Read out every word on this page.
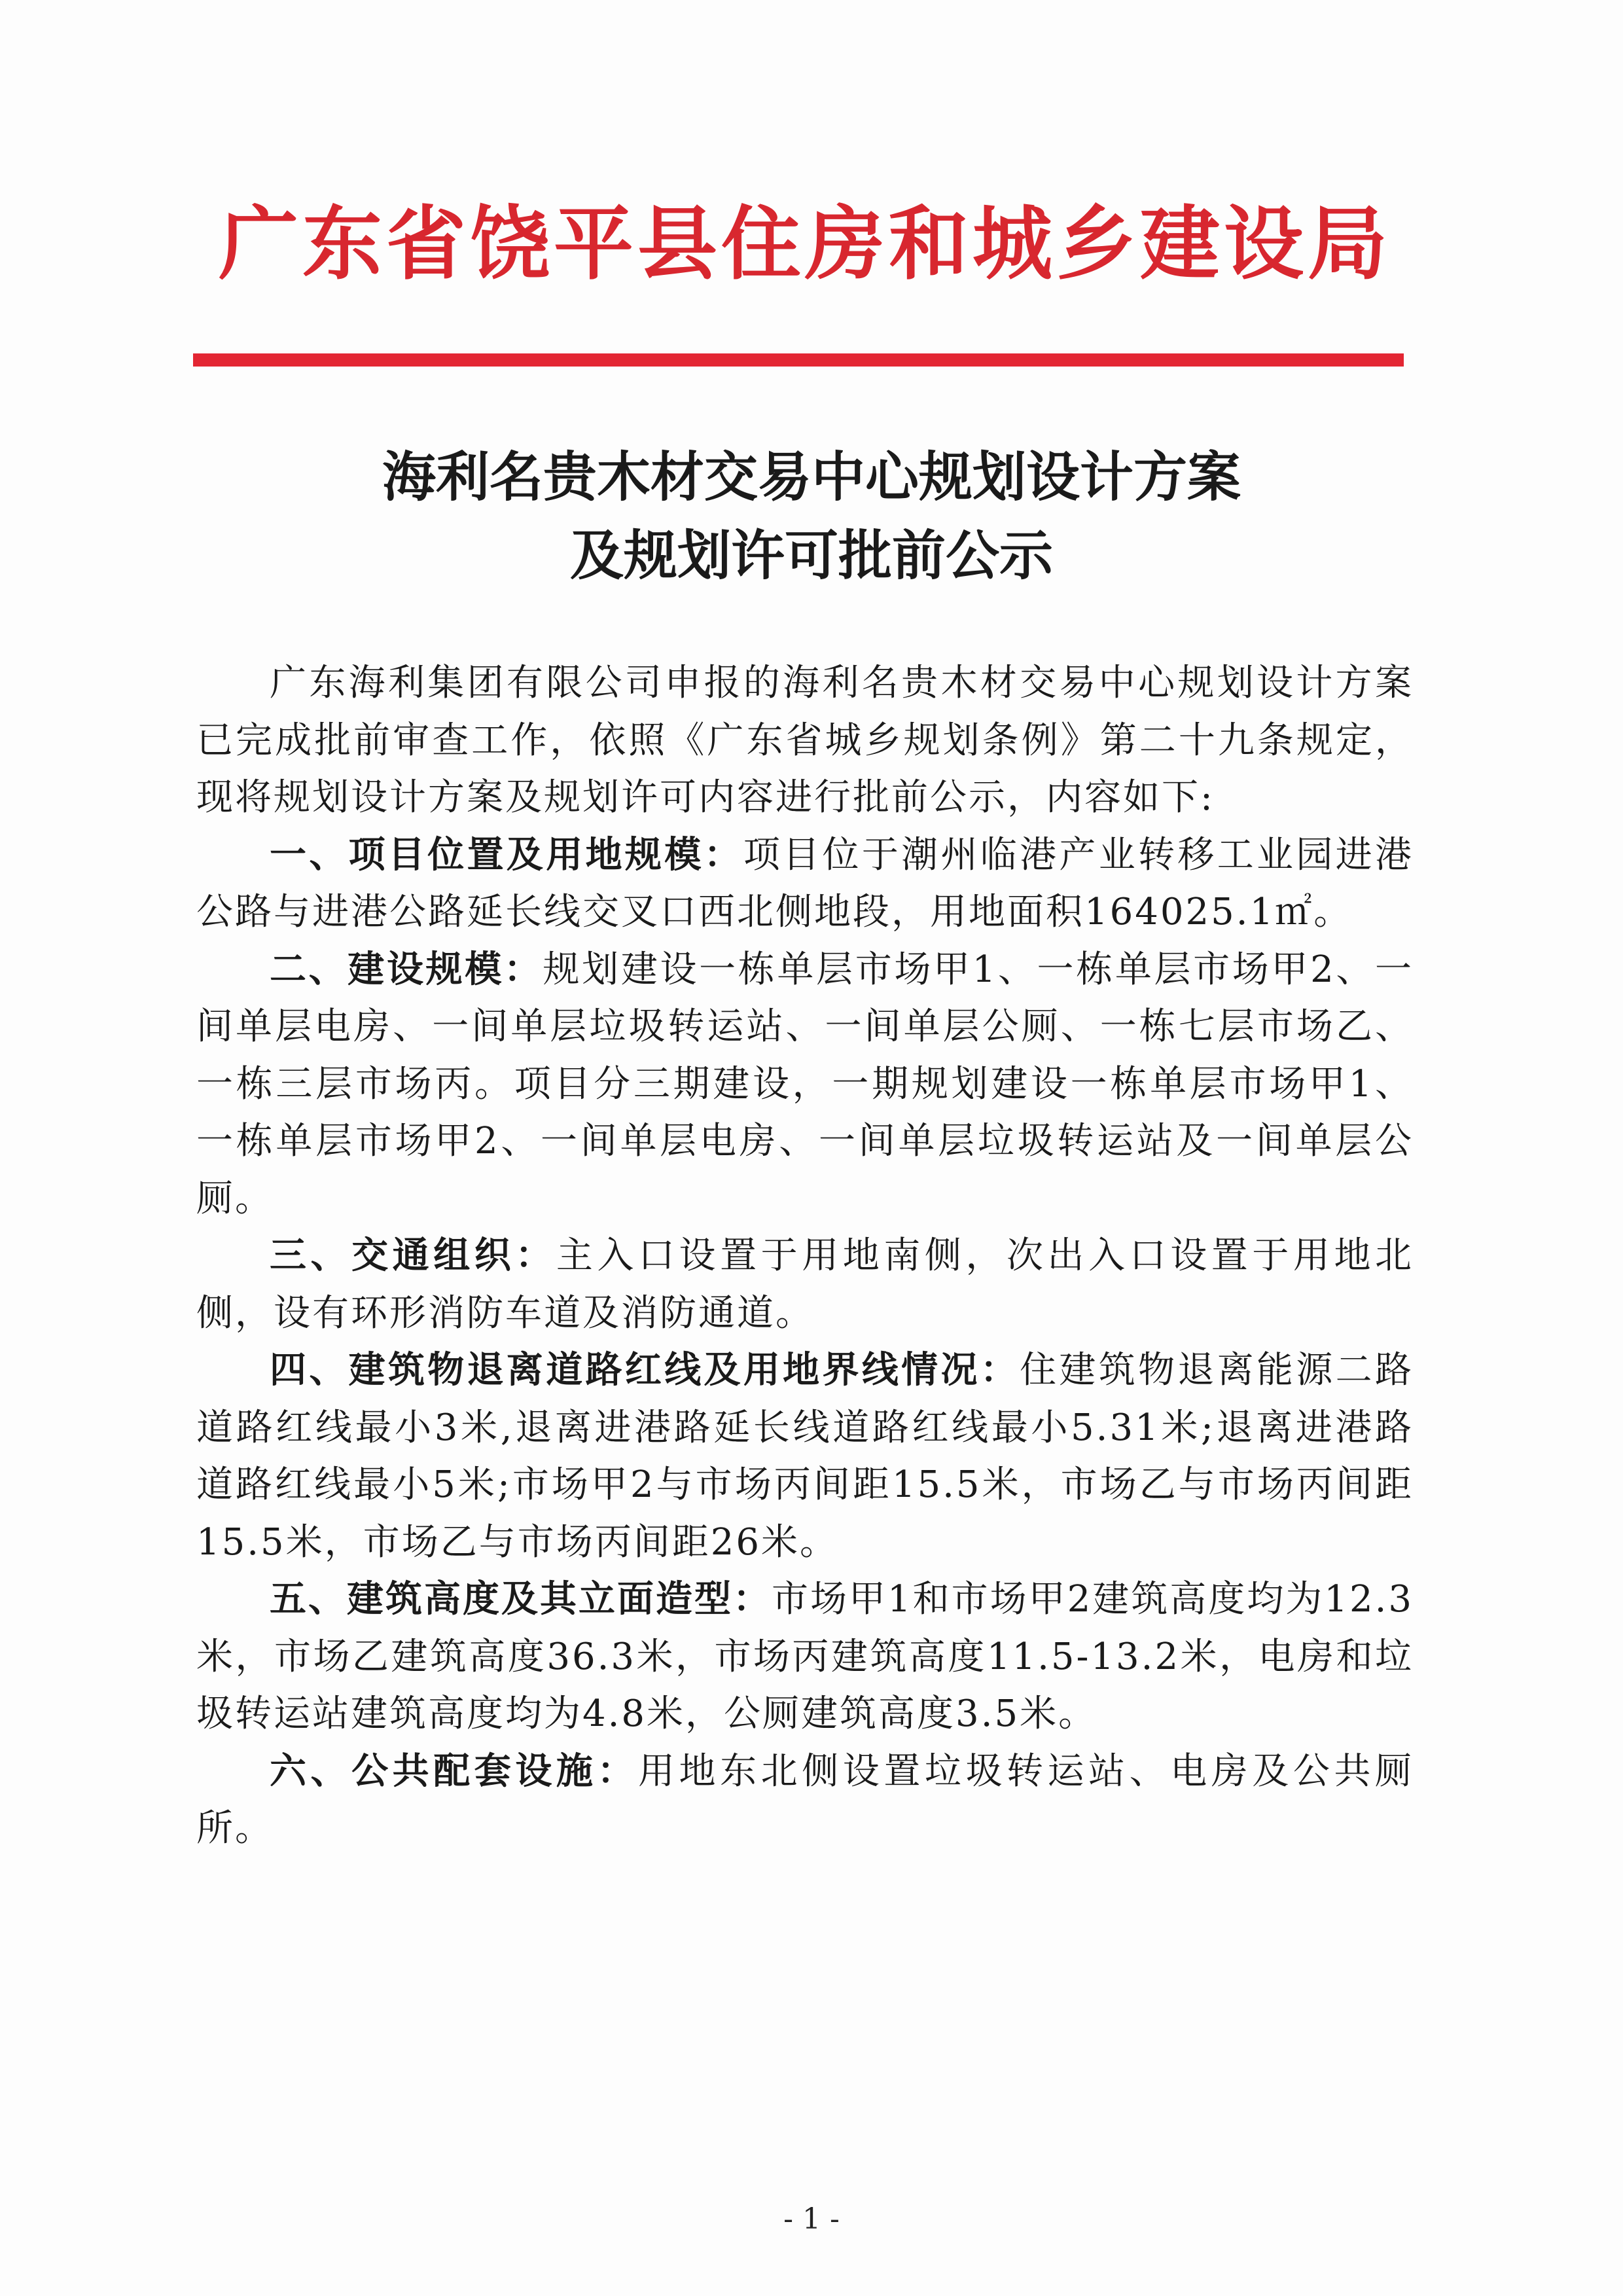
广东省饶平县住房和城乡建设局
海利名贵木材交易中心规划设计方案
及规划许可批前公示

广东海利集团有限公司申报的海利名贵木材交易中心规划设计方案已完成批前审查工作，依照《广东省城乡规划条例》第二十九条规定，现将规划设计方案及规划许可内容进行批前公示，内容如下:

一、项目位置及用地规模：项目位于潮州临港产业转移工业园进港公路与进港公路延长线交叉口西北侧地段，用地面积164025.1㎡。

二、建设规模：规划建设一栋单层市场甲1、一栋单层市场甲2、一间单层电房、一间单层垃圾转运站、一间单层公厕、一栋七层市场乙、一栋三层市场丙。项目分三期建设，一期规划建设一栋单层市场甲1、一栋单层市场甲2、一间单层电房、一间单层垃圾转运站及一间单层公厕。

三、交通组织：主入口设置于用地南侧，次出入口设置于用地北侧，设有环形消防车道及消防通道。

四、建筑物退离道路红线及用地界线情况：住建筑物退离能源二路道路红线最小3米,退离进港路延长线道路红线最小5.31米;退离进港路道路红线最小5米;市场甲2与市场丙间距15.5米，市场乙与市场丙间距15.5米，市场乙与市场丙间距26米。

五、建筑高度及其立面造型：市场甲1和市场甲2建筑高度均为12.3米，市场乙建筑高度36.3米，市场丙建筑高度11.5-13.2米，电房和垃圾转运站建筑高度均为4.8米，公厕建筑高度3.5米。

六、公共配套设施：用地东北侧设置垃圾转运站、电房及公共厕所。

- 1 -
